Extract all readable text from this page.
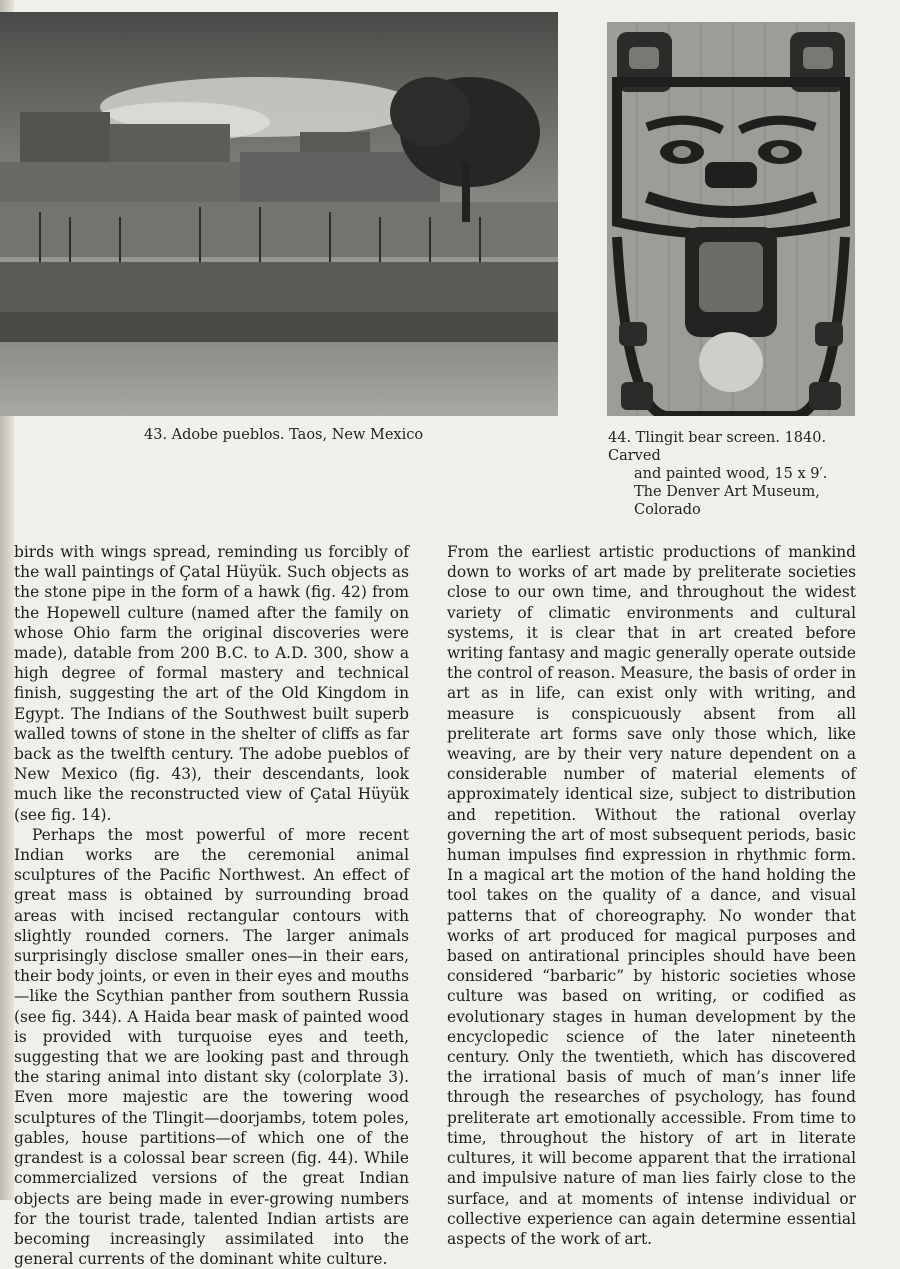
43. Adobe pueblos. Taos, New Mexico	44. Tlingit bear screen. 1840. Carved

and painted wood, 15 x 9′.
The Denver Art Museum,
Colorado

birds with wings spread, reminding us forcibly of the wall paintings of Çatal Hüyük. Such objects as the stone pipe in the form of a hawk (fig. 42) from the Hopewell culture (named after the family on whose Ohio farm the original discoveries were made), datable from 200 B.C. to A.D. 300, show a high degree of formal mastery and technical finish, suggesting the art of the Old Kingdom in Egypt. The Indians of the Southwest built superb walled towns of stone in the shelter of cliffs as far back as the twelfth century. The adobe pueblos of New Mexico (fig. 43), their descendants, look much like the reconstructed view of Çatal Hüyük (see fig. 14).

Perhaps the most powerful of more recent Indian works are the ceremonial animal sculptures of the Pacific Northwest. An effect of great mass is obtained by surrounding broad areas with incised rectangular contours with slightly rounded corners. The larger animals surprisingly disclose smaller ones—in their ears, their body joints, or even in their eyes and mouths—like the Scythian panther from southern Russia (see fig. 344). A Haida bear mask of painted wood is provided with turquoise eyes and teeth, suggesting that we are looking past and through the staring animal into distant sky (colorplate 3). Even more majestic are the towering wood sculptures of the Tlingit—doorjambs, totem poles, gables, house partitions—of which one of the grandest is a colossal bear screen (fig. 44). While commercialized versions of the great Indian objects are being made in ever-growing numbers for the tourist trade, talented Indian artists are becoming increasingly assimilated into the general currents of the dominant white culture.

From the earliest artistic productions of mankind down to works of art made by preliterate societies close to our own time, and throughout the widest variety of climatic environments and cultural systems, it is clear that in art created before writing fantasy and magic generally operate outside the control of reason. Measure, the basis of order in art as in life, can exist only with writing, and measure is conspicuously absent from all preliterate art forms save only those which, like weaving, are by their very nature dependent on a considerable number of material elements of approximately identical size, subject to distribution and repetition. Without the rational overlay governing the art of most subsequent periods, basic human impulses find expression in rhythmic form. In a magical art the motion of the hand holding the tool takes on the quality of a dance, and visual patterns that of choreography. No wonder that works of art produced for magical purposes and based on antirational principles should have been considered “barbaric” by historic societies whose culture was based on writing, or codified as evolutionary stages in human development by the encyclopedic science of the later nineteenth century. Only the twentieth, which has discovered the irrational basis of much of man’s inner life through the researches of psychology, has found preliterate art emotionally accessible. From time to time, throughout the history of art in literate cultures, it will become apparent that the irrational and impulsive nature of man lies fairly close to the surface, and at moments of intense individual or collective experience can again determine essential aspects of the work of art.
